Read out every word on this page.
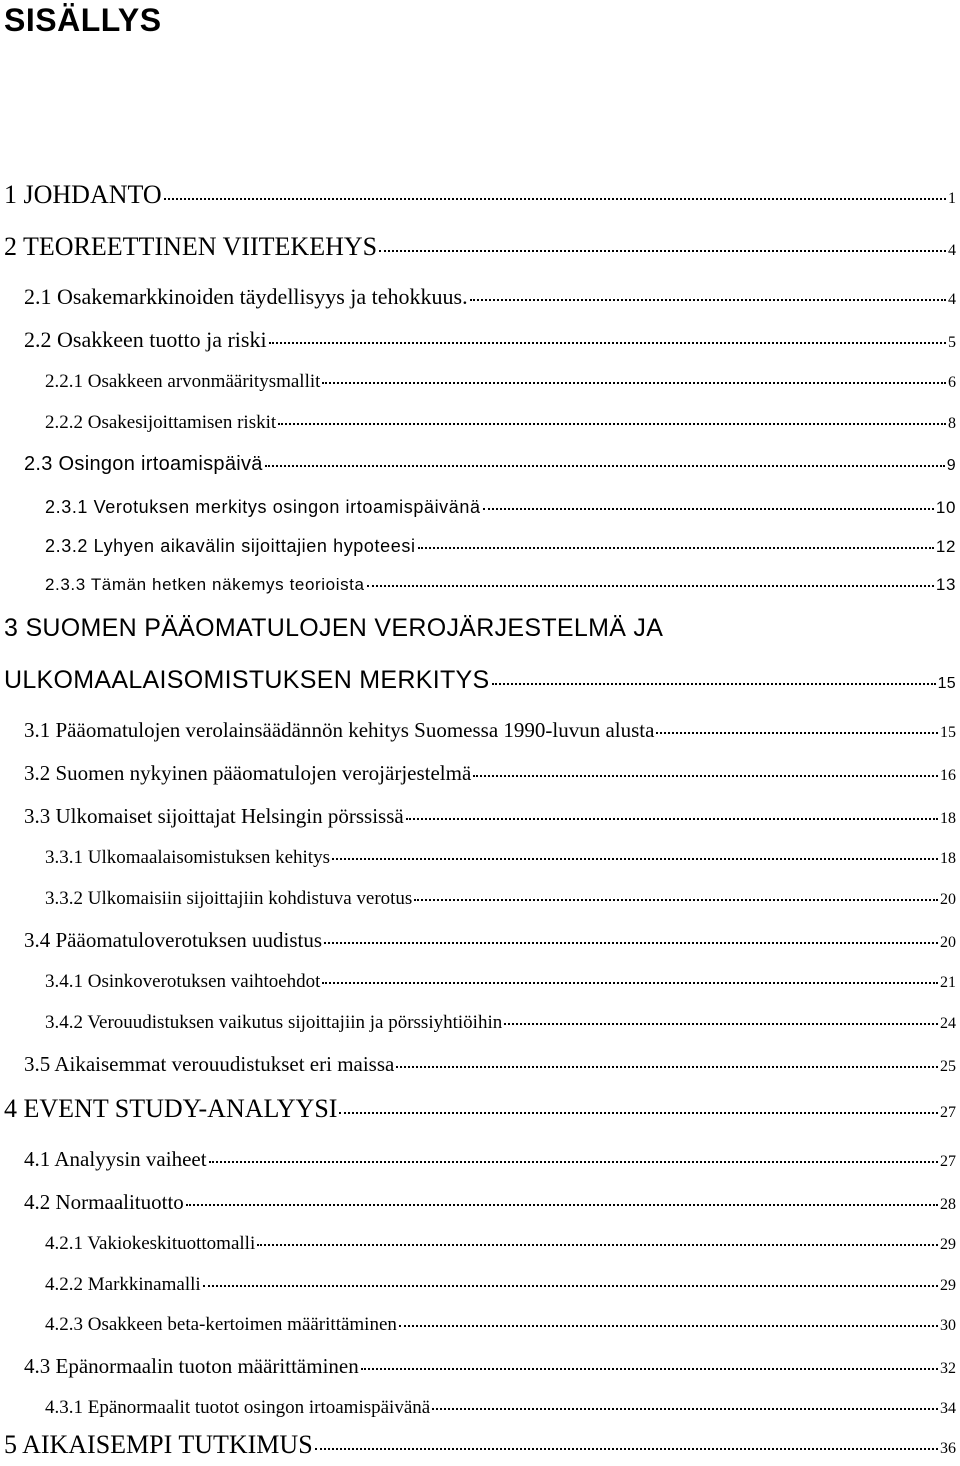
SISÄLLYS
1 JOHDANTO	1
2 TEOREETTINEN VIITEKEHYS	4
2.1 Osakemarkkinoiden täydellisyys ja tehokkuus.	4
2.2 Osakkeen tuotto ja riski	5
2.2.1 Osakkeen arvonmääritysmallit	6
2.2.2 Osakesijoittamisen riskit	8
2.3 Osingon irtoamispäivä	9
2.3.1 Verotuksen merkitys osingon irtoamispäivänä	10
2.3.2 Lyhyen aikavälin sijoittajien hypoteesi	12
2.3.3 Tämän hetken näkemys teorioista	13
3 SUOMEN PÄÄOMATULOJEN VEROJÄRJESTELMÄ JA
ULKOMAALAISOMISTUKSEN MERKITYS	15
3.1 Pääomatulojen verolainsäädännön kehitys Suomessa 1990-luvun alusta	15
3.2 Suomen nykyinen pääomatulojen verojärjestelmä	16
3.3 Ulkomaiset sijoittajat Helsingin pörssissä	18
3.3.1 Ulkomaalaisomistuksen kehitys	18
3.3.2 Ulkomaisiin sijoittajiin kohdistuva verotus	20
3.4 Pääomatuloverotuksen uudistus	20
3.4.1 Osinkoverotuksen vaihtoehdot	21
3.4.2 Verouudistuksen vaikutus sijoittajiin ja pörssiyhtiöihin	24
3.5 Aikaisemmat verouudistukset eri maissa	25
4 EVENT STUDY-ANALYYSI	27
4.1 Analyysin vaiheet	27
4.2 Normaalituotto	28
4.2.1 Vakiokeskituottomalli	29
4.2.2 Markkinamalli	29
4.2.3 Osakkeen beta-kertoimen määrittäminen	30
4.3 Epänormaalin tuoton määrittäminen	32
4.3.1 Epänormaalit tuotot osingon irtoamispäivänä	34
5 AIKAISEMPI TUTKIMUS	36
